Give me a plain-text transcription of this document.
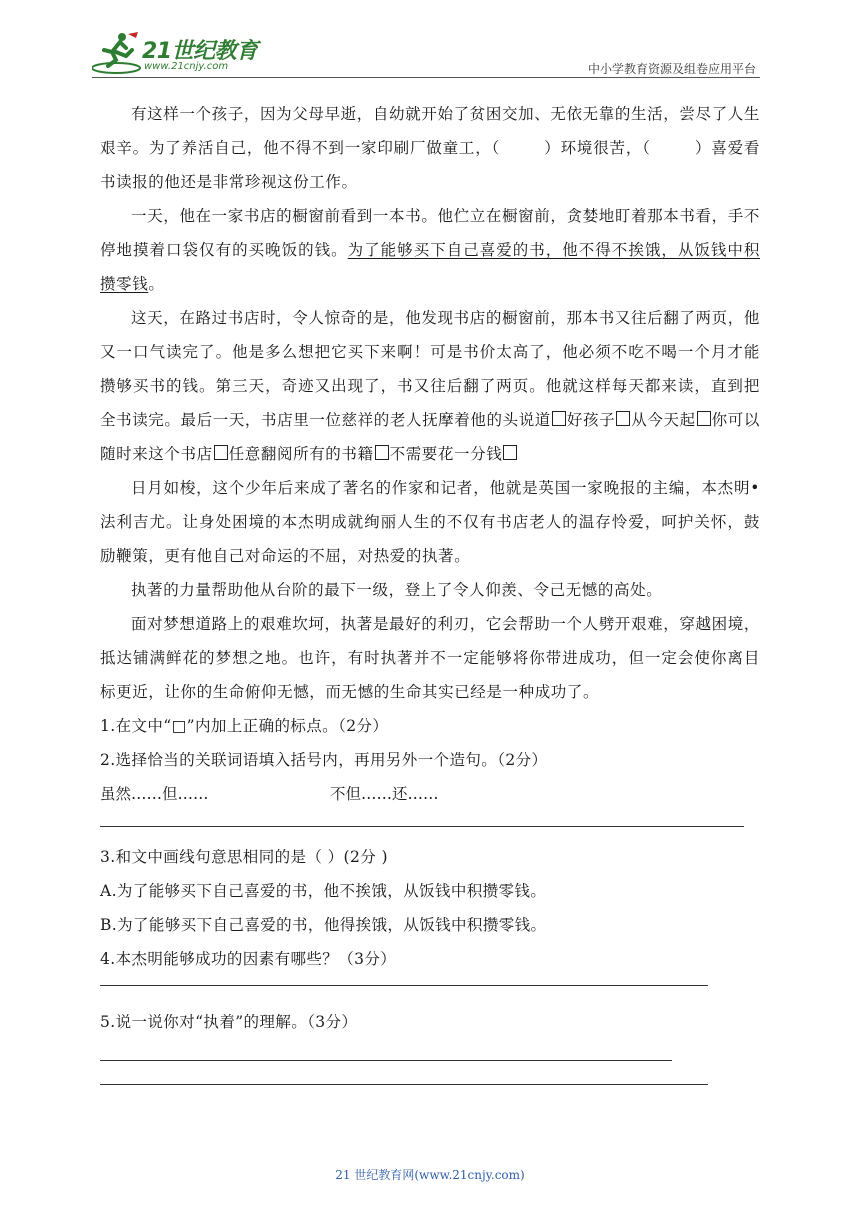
21世纪教育
www.21cnjy.com	中小学教育资源及组卷应用平台

有这样一个孩子，因为父母早逝，自幼就开始了贫困交加、无依无靠的生活，尝尽了人生艰辛。为了养活自己，他不得不到一家印刷厂做童工，（	）环境很苦，（	）喜爱看书读报的他还是非常珍视这份工作。

一天，他在一家书店的橱窗前看到一本书。他伫立在橱窗前，贪婪地盯着那本书看，手不停地摸着口袋仅有的买晚饭的钱。为了能够买下自己喜爱的书，他不得不挨饿，从饭钱中积攒零钱。

这天，在路过书店时，令人惊奇的是，他发现书店的橱窗前，那本书又往后翻了两页，他又一口气读完了。他是多么想把它买下来啊！可是书价太高了，他必须不吃不喝一个月才能攒够买书的钱。第三天，奇迹又出现了，书又往后翻了两页。他就这样每天都来读，直到把全书读完。最后一天，书店里一位慈祥的老人抚摩着他的头说道 好孩子 从今天起 你可以随时来这个书店 任意翻阅所有的书籍 不需要花一分钱

日月如梭，这个少年后来成了著名的作家和记者，他就是英国一家晚报的主编，本杰明•法利吉尤。让身处困境的本杰明成就绚丽人生的不仅有书店老人的温存怜爱，呵护关怀，鼓励鞭策，更有他自己对命运的不屈，对热爱的执著。

执著的力量帮助他从台阶的最下一级，登上了令人仰羡、令己无憾的高处。

面对梦想道路上的艰难坎坷，执著是最好的利刃，它会帮助一个人劈开艰难，穿越困境，抵达铺满鲜花的梦想之地。也许，有时执著并不一定能够将你带进成功，但一定会使你离目标更近，让你的生命俯仰无憾，而无憾的生命其实已经是一种成功了。

1.在文中“□”内加上正确的标点。（2分）

2.选择恰当的关联词语填入括号内，再用另外一个造句。（2分）

虽然……但……	不但……还……

3.和文中画线句意思相同的是（ ）(2分 )

A.为了能够买下自己喜爱的书，他不挨饿，从饭钱中积攒零钱。

B.为了能够买下自己喜爱的书，他得挨饿，从饭钱中积攒零钱。

4.本杰明能够成功的因素有哪些？（3分）

5.说一说你对“执着”的理解。（3分）

21 世纪教育网(www.21cnjy.com)
